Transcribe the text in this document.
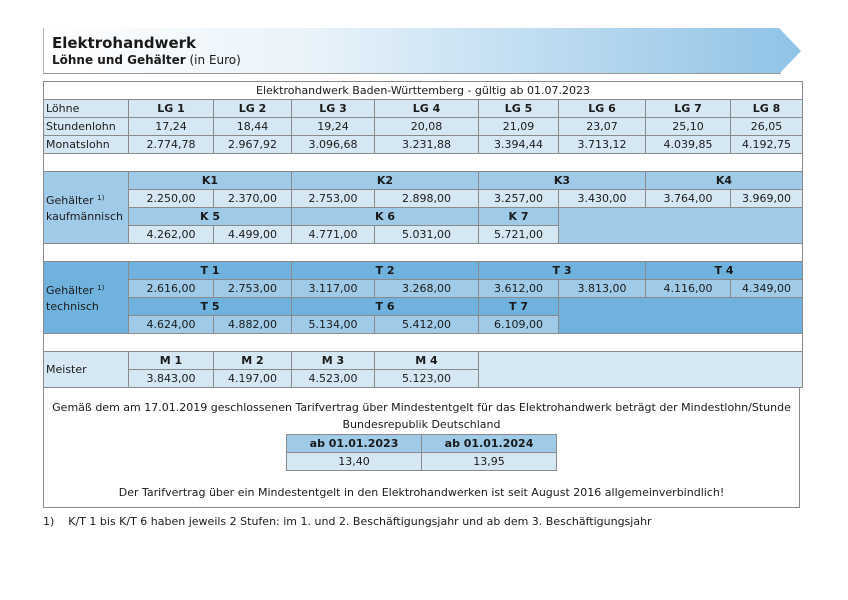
Elektrohandwerk
Löhne und Gehälter (in Euro)
Elektrohandwerk Baden-Württemberg - gültig ab 01.07.2023								
Löhne	LG 1	LG 2	LG 3	LG 4	LG 5	LG 6	LG 7	LG 8
Stundenlohn	17,24	18,44	19,24	20,08	21,09	23,07	25,10	26,05
Monatslohn	2.774,78	2.967,92	3.096,68	3.231,88	3.394,44	3.713,12	4.039,85	4.192,75

Gehälter $^{1)}$
kaufmännisch	K1		K2		K3		K4	
	2.250,00	2.370,00	2.753,00	2.898,00	3.257,00	3.430,00	3.764,00	3.969,00
	K 5		K 6		K 7			
	4.262,00	4.499,00	4.771,00	5.031,00	5.721,00			

Gehälter $^{1)}$
technisch	T 1		T 2		T 3		T 4	
	2.616,00	2.753,00	3.117,00	3.268,00	3.612,00	3.813,00	4.116,00	4.349,00
	T 5		T 6		T 7			
	4.624,00	4.882,00	5.134,00	5.412,00	6.109,00			

Meister	M 1	M 2	M 3	M 4				
	3.843,00	4.197,00	4.523,00	5.123,00				
Gemäß dem am 17.01.2019 geschlossenen Tarifvertrag über Mindestentgelt für das Elektrohandwerk beträgt der Mindestlohn/Stunde
Bundesrepublik Deutschland
ab 01.01.2023	ab 01.01.2024
13,40	13,95
Der Tarifvertrag über ein Mindestentgelt in den Elektrohandwerken ist seit August 2016 allgemeinverbindlich!
1)    K/T 1 bis K/T 6 haben jeweils 2 Stufen: im 1. und 2. Beschäftigungsjahr und ab dem 3. Beschäftigungsjahr
